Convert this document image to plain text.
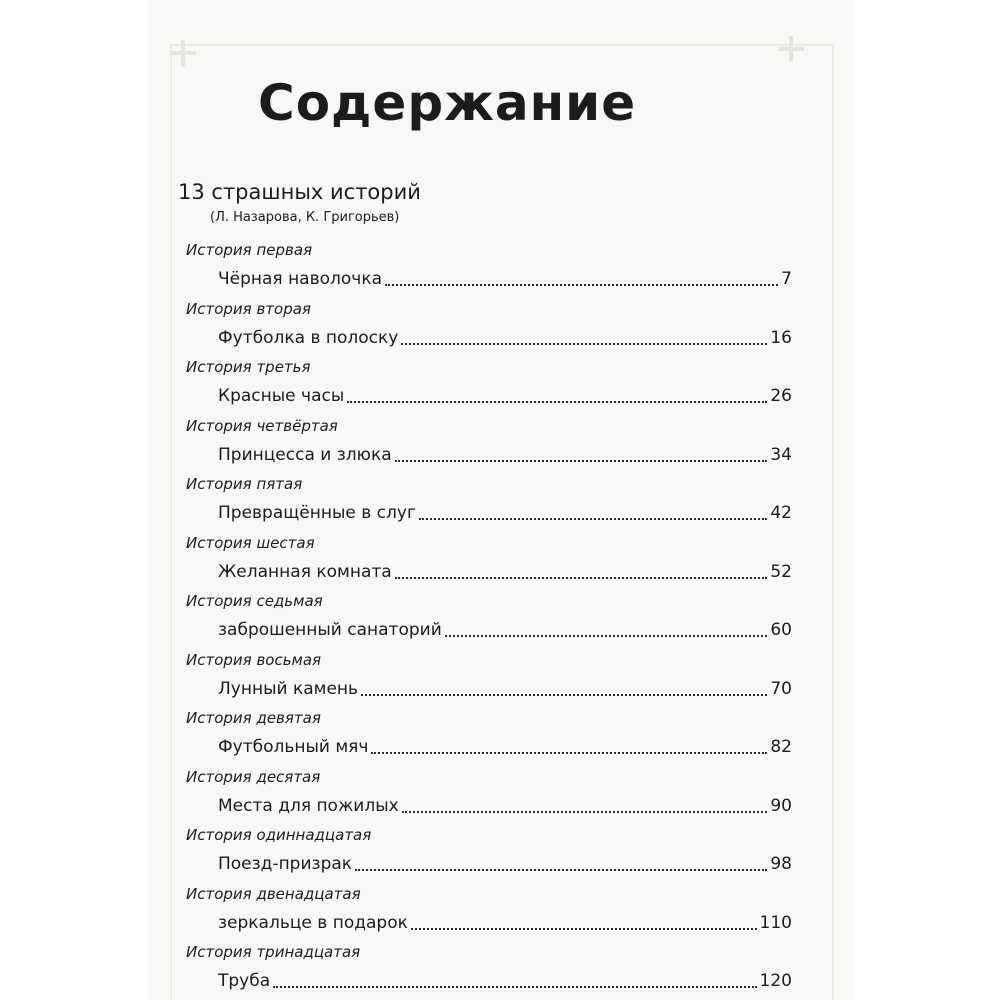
Содержание
13 страшных историй
(Л. Назарова, К. Григорьев)
История первая
Чёрная наволочка	7
История вторая
Футболка в полоску	16
История третья
Красные часы	26
История четвёртая
Принцесса и злюка	34
История пятая
Превращённые в слуг	42
История шестая
Желанная комната	52
История седьмая
заброшенный санаторий	60
История восьмая
Лунный камень	70
История девятая
Футбольный мяч	82
История десятая
Места для пожилых	90
История одиннадцатая
Поезд-призрак	98
История двенадцатая
зеркальце в подарок	110
История тринадцатая
Труба	120
